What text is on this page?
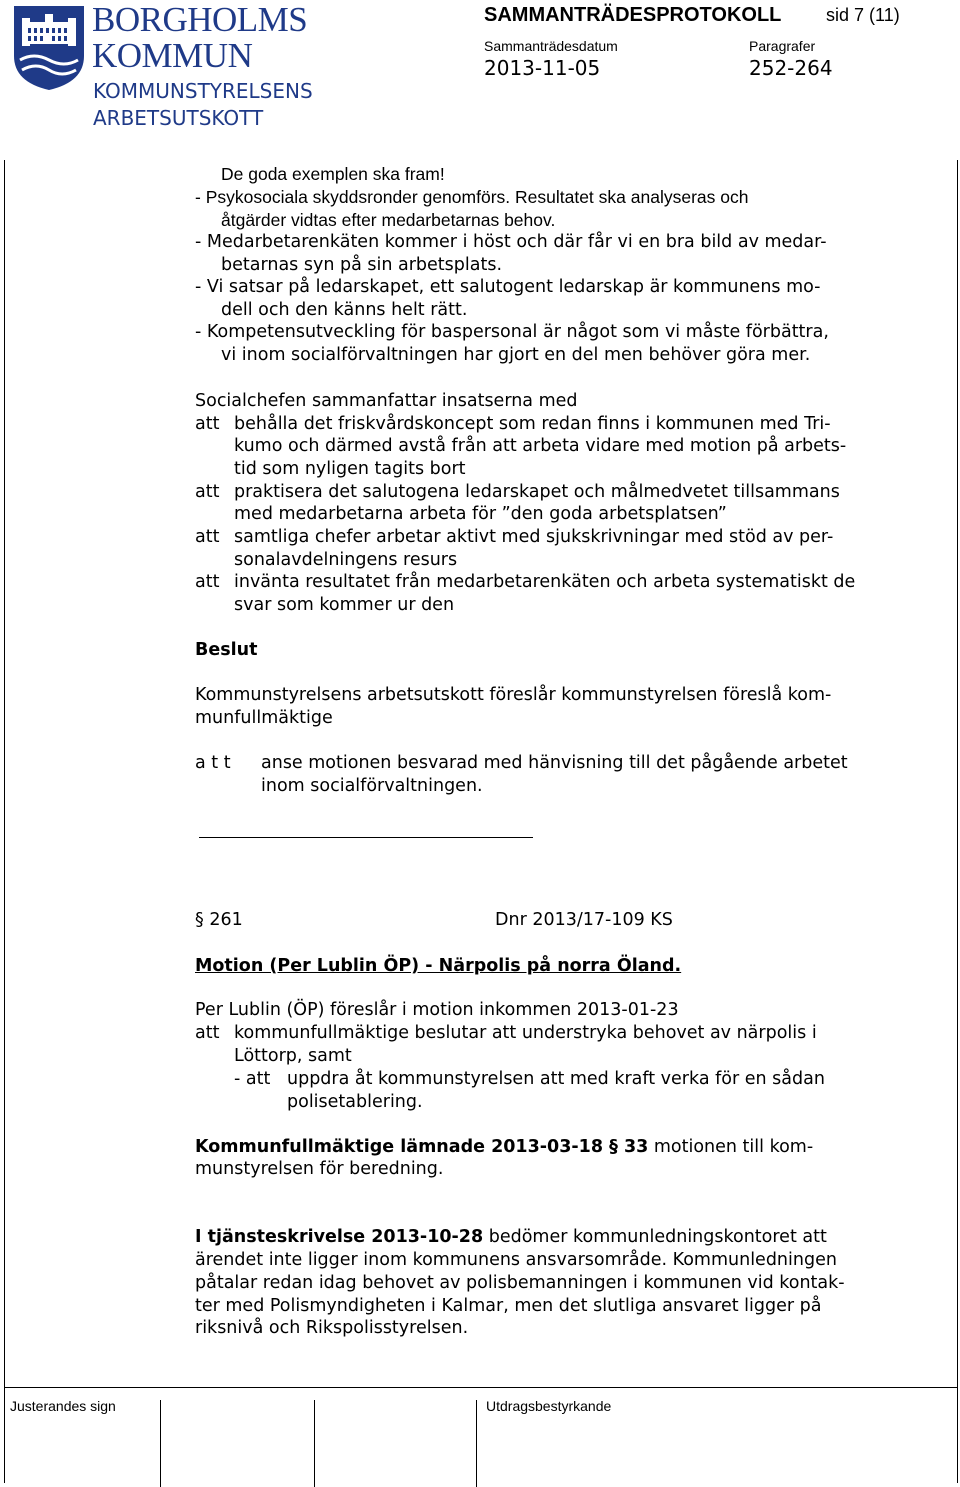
BORGHOLMS
KOMMUN
KOMMUNSTYRELSENS
ARBETSUTSKOTT
SAMMANTRÄDESPROTOKOLL sid 7 (11)
Sammanträdesdatum
2013-11-05
Paragrafer
252-264
De goda exemplen ska fram!
- Psykosociala skyddsronder genomförs. Resultatet ska analyseras och
åtgärder vidtas efter medarbetarnas behov.
- Medarbetarenkäten kommer i höst och där får vi en bra bild av medar-
betarnas syn på sin arbetsplats.
- Vi satsar på ledarskapet, ett salutogent ledarskap är kommunens mo-
dell och den känns helt rätt.
- Kompetensutveckling för baspersonal är något som vi måste förbättra,
vi inom socialförvaltningen har gjort en del men behöver göra mer.
Socialchefen sammanfattar insatserna med
att behålla det friskvårdskoncept som redan finns i kommunen med Tri-
kumo och därmed avstå från att arbeta vidare med motion på arbets-
tid som nyligen tagits bort
att praktisera det salutogena ledarskapet och målmedvetet tillsammans
med medarbetarna arbeta för ”den goda arbetsplatsen”
att samtliga chefer arbetar aktivt med sjukskrivningar med stöd av per-
sonalavdelningens resurs
att invänta resultatet från medarbetarenkäten och arbeta systematiskt de
svar som kommer ur den
Beslut
Kommunstyrelsens arbetsutskott föreslår kommunstyrelsen föreslå kom-
munfullmäktige
a t t anse motionen besvarad med hänvisning till det pågående arbetet
inom socialförvaltningen.
§ 261	Dnr 2013/17-109 KS
Motion (Per Lublin ÖP) - Närpolis på norra Öland.
Per Lublin (ÖP) föreslår i motion inkommen 2013-01-23
att kommunfullmäktige beslutar att understryka behovet av närpolis i
Löttorp, samt
- att uppdra åt kommunstyrelsen att med kraft verka för en sådan
polisetablering.
Kommunfullmäktige lämnade 2013-03-18 § 33 motionen till kom-
munstyrelsen för beredning.
I tjänsteskrivelse 2013-10-28 bedömer kommunledningskontoret att
ärendet inte ligger inom kommunens ansvarsområde. Kommunledningen
påtalar redan idag behovet av polisbemanningen i kommunen vid kontak-
ter med Polismyndigheten i Kalmar, men det slutliga ansvaret ligger på
riksnivå och Rikspolisstyrelsen.
Justerandes sign	Utdragsbestyrkande
